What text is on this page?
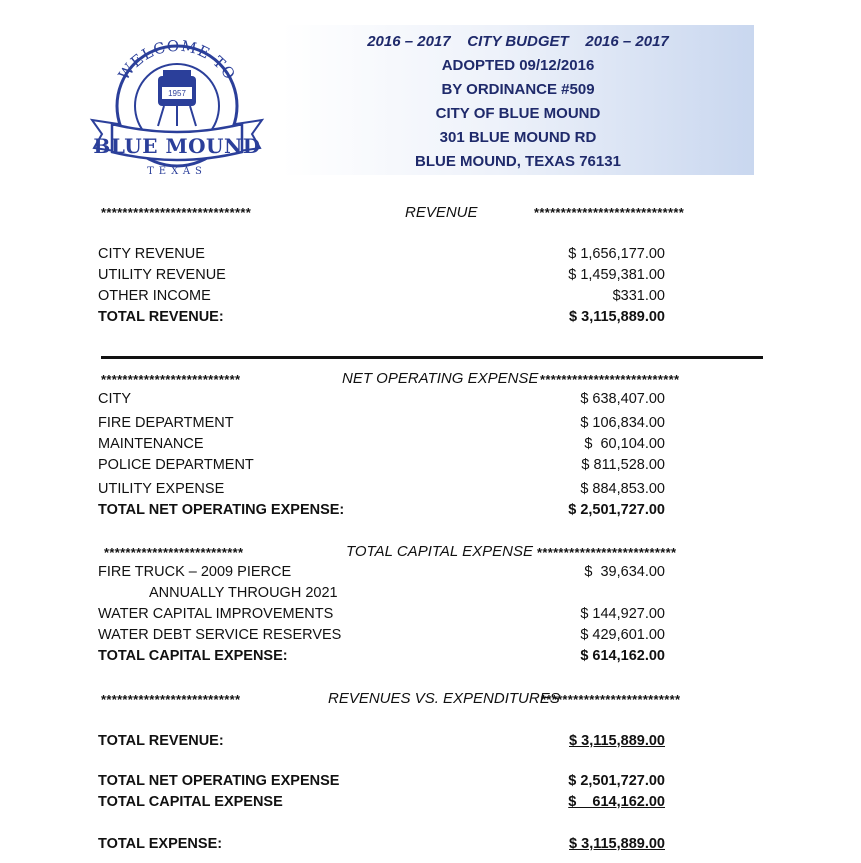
WELCOME TO
1957
BLUE MOUND
TEXAS
2016 – 2017    CITY BUDGET    2016 – 2017
ADOPTED 09/12/2016
BY ORDINANCE #509
CITY OF BLUE MOUND
301 BLUE MOUND RD
BLUE MOUND, TEXAS 76131
****************************	REVENUE	****************************
CITY REVENUE	$ 1,656,177.00
UTILITY REVENUE	$ 1,459,381.00
OTHER INCOME	$331.00
TOTAL REVENUE:	$ 3,115,889.00
**************************	NET OPERATING EXPENSE **************************
CITY	$ 638,407.00
FIRE DEPARTMENT	$ 106,834.00
MAINTENANCE	$  60,104.00
POLICE DEPARTMENT	$ 811,528.00
UTILITY EXPENSE	$ 884,853.00
TOTAL NET OPERATING EXPENSE:	$ 2,501,727.00
**************************	TOTAL CAPITAL EXPENSE **************************
FIRE TRUCK – 2009 PIERCE	$  39,634.00
ANNUALLY THROUGH 2021
WATER CAPITAL IMPROVEMENTS	$ 144,927.00
WATER DEBT SERVICE RESERVES	$ 429,601.00
TOTAL CAPITAL EXPENSE:	$ 614,162.00
**************************	REVENUES VS. EXPENDITURES
**************************
TOTAL REVENUE:	$ 3,115,889.00
TOTAL NET OPERATING EXPENSE	$ 2,501,727.00
TOTAL CAPITAL EXPENSE	$    614,162.00
TOTAL EXPENSE:	$ 3,115,889.00
